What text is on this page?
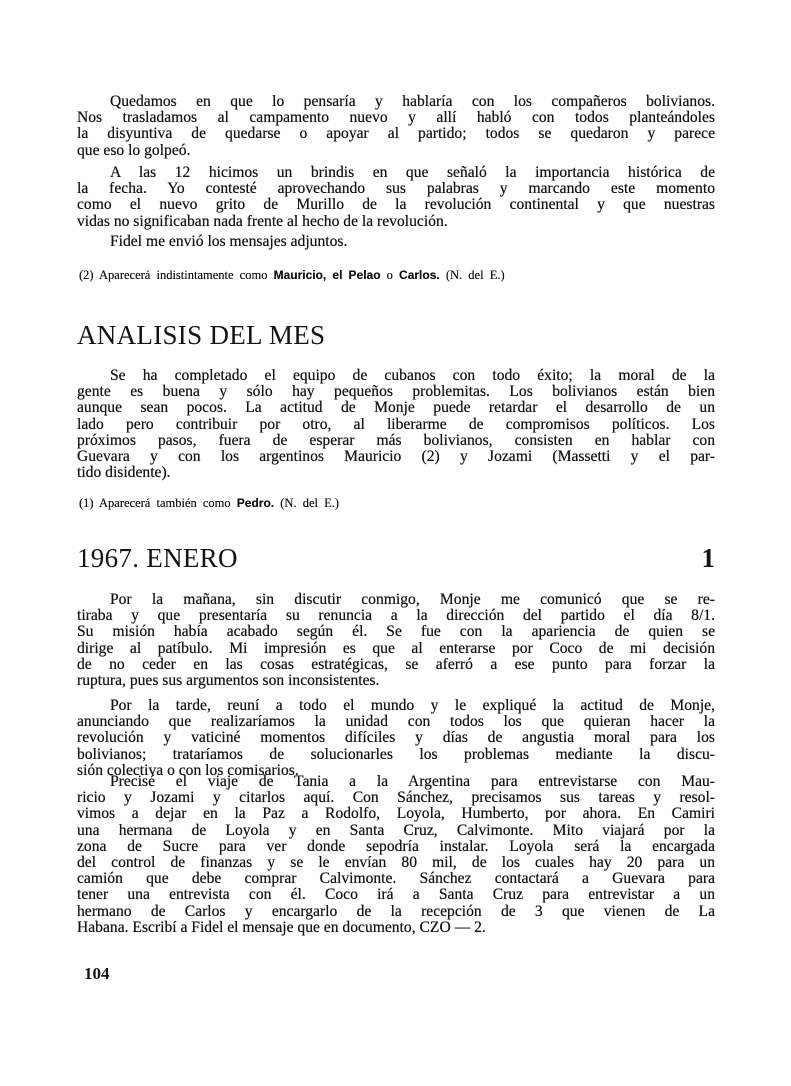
(2) Aparecerá indistintamente como Mauricio, el Pelao o Carlos. (N. del E.)
ANALISIS DEL MES
(1) Aparecerá también como Pedro. (N. del E.)
1967. ENERO	1
104
Quedamos en que lo pensaría y hablaría con los compañeros bolivianos.
Nos trasladamos al campamento nuevo y allí habló con todos planteándoles
la disyuntiva de quedarse o apoyar al partido; todos se quedaron y parece
que eso lo golpeó.
A las 12 hicimos un brindis en que señaló la importancia histórica de
la fecha. Yo contesté aprovechando sus palabras y marcando este momento
como el nuevo grito de Murillo de la revolución continental y que nuestras
vidas no significaban nada frente al hecho de la revolución.
Fidel me envió los mensajes adjuntos.
Se ha completado el equipo de cubanos con todo éxito; la moral de la
gente es buena y sólo hay pequeños problemitas. Los bolivianos están bien
aunque sean pocos. La actitud de Monje puede retardar el desarrollo de un
lado pero contribuir por otro, al liberarme de compromisos políticos. Los
próximos pasos, fuera de esperar más bolivianos, consisten en hablar con
Guevara y con los argentinos Mauricio (2) y Jozami (Massetti y el par-
tido disidente).
Por la mañana, sin discutir conmigo, Monje me comunicó que se re-
tiraba y que presentaría su renuncia a la dirección del partido el día 8/1.
Su misión había acabado según él. Se fue con la apariencia de quien se
dirige al patíbulo. Mi impresión es que al enterarse por Coco de mi decisión
de no ceder en las cosas estratégicas, se aferró a ese punto para forzar la
ruptura, pues sus argumentos son inconsistentes.
Por la tarde, reuní a todo el mundo y le expliqué la actitud de Monje,
anunciando que realizaríamos la unidad con todos los que quieran hacer la
revolución y vaticiné momentos difíciles y días de angustia moral para los
bolivianos; trataríamos de solucionarles los problemas mediante la discu-
sión colectiva o con los comisarios.
Precisé el viaje de Tania a la Argentina para entrevistarse con Mau-
ricio y Jozami y citarlos aquí. Con Sánchez, precisamos sus tareas y resol-
vimos a dejar en la Paz a Rodolfo, Loyola, Humberto, por ahora. En Camiri
una hermana de Loyola y en Santa Cruz, Calvimonte. Mito viajará por la
zona de Sucre para ver donde sepodría instalar. Loyola será la encargada
del control de finanzas y se le envían 80 mil, de los cuales hay 20 para un
camión que debe comprar Calvimonte. Sánchez contactará a Guevara para
tener una entrevista con él. Coco irá a Santa Cruz para entrevistar a un
hermano de Carlos y encargarlo de la recepción de 3 que vienen de La
Habana. Escribí a Fidel el mensaje que en documento, CZO — 2.
